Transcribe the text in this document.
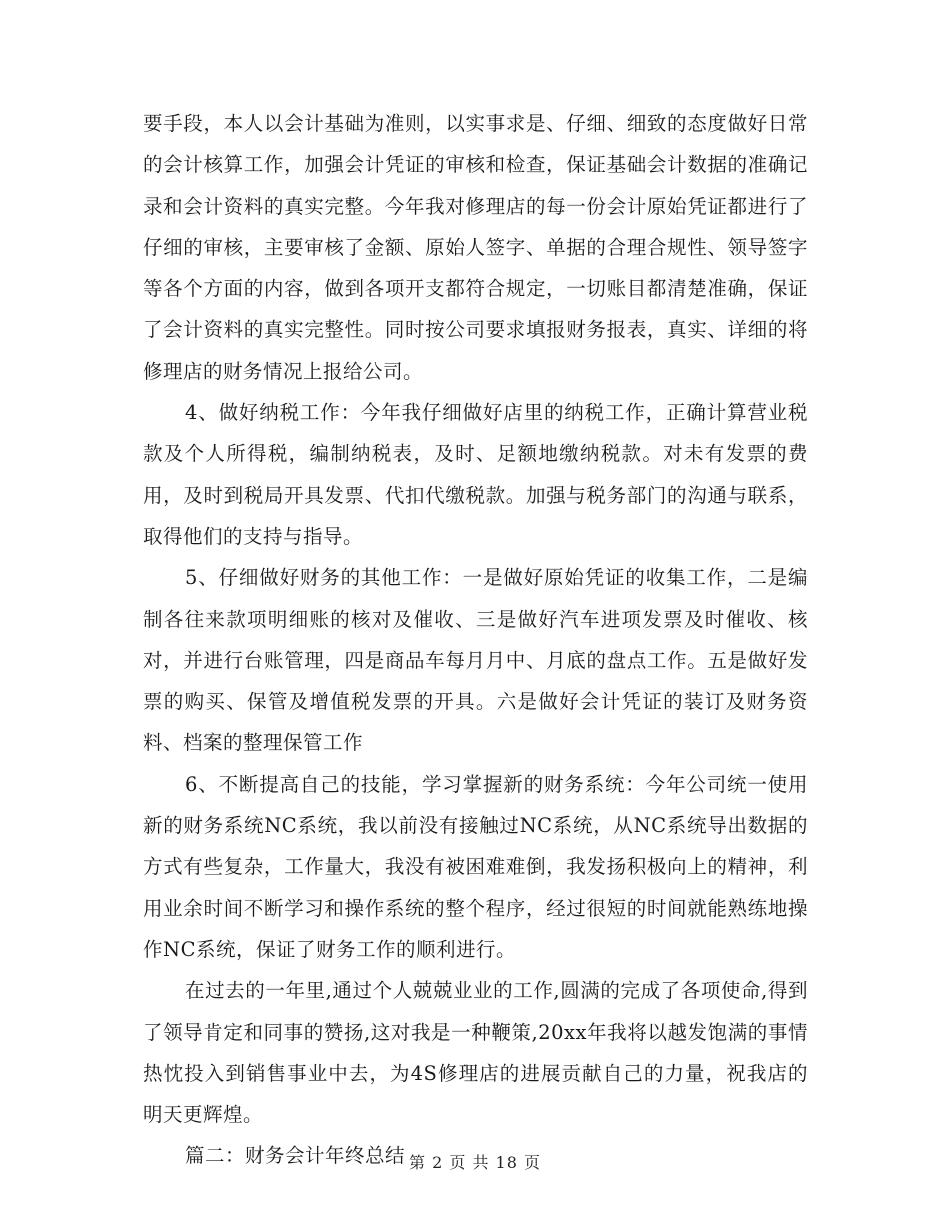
要手段，本人以会计基础为准则，以实事求是、仔细、细致的态度做好日常的会计核算工作，加强会计凭证的审核和检查，保证基础会计数据的准确记录和会计资料的真实完整。今年我对修理店的每一份会计原始凭证都进行了仔细的审核，主要审核了金额、原始人签字、单据的合理合规性、领导签字等各个方面的内容，做到各项开支都符合规定，一切账目都清楚准确，保证了会计资料的真实完整性。同时按公司要求填报财务报表，真实、详细的将修理店的财务情况上报给公司。

4、做好纳税工作：今年我仔细做好店里的纳税工作，正确计算营业税款及个人所得税，编制纳税表，及时、足额地缴纳税款。对未有发票的费用，及时到税局开具发票、代扣代缴税款。加强与税务部门的沟通与联系，取得他们的支持与指导。

5、仔细做好财务的其他工作：一是做好原始凭证的收集工作，二是编制各往来款项明细账的核对及催收、三是做好汽车进项发票及时催收、核对，并进行台账管理，四是商品车每月月中、月底的盘点工作。五是做好发票的购买、保管及增值税发票的开具。六是做好会计凭证的装订及财务资料、档案的整理保管工作

6、不断提高自己的技能，学习掌握新的财务系统：今年公司统一使用新的财务系统NC系统，我以前没有接触过NC系统，从NC系统导出数据的方式有些复杂，工作量大，我没有被困难难倒，我发扬积极向上的精神，利用业余时间不断学习和操作系统的整个程序，经过很短的时间就能熟练地操作NC系统，保证了财务工作的顺利进行。

在过去的一年里,通过个人兢兢业业的工作,圆满的完成了各项使命,得到了领导肯定和同事的赞扬,这对我是一种鞭策,20xx年我将以越发饱满的事情热忱投入到销售事业中去，为4S修理店的进展贡献自己的力量，祝我店的明天更辉煌。

篇二：财务会计年终总结 第 2 页 共 18 页
